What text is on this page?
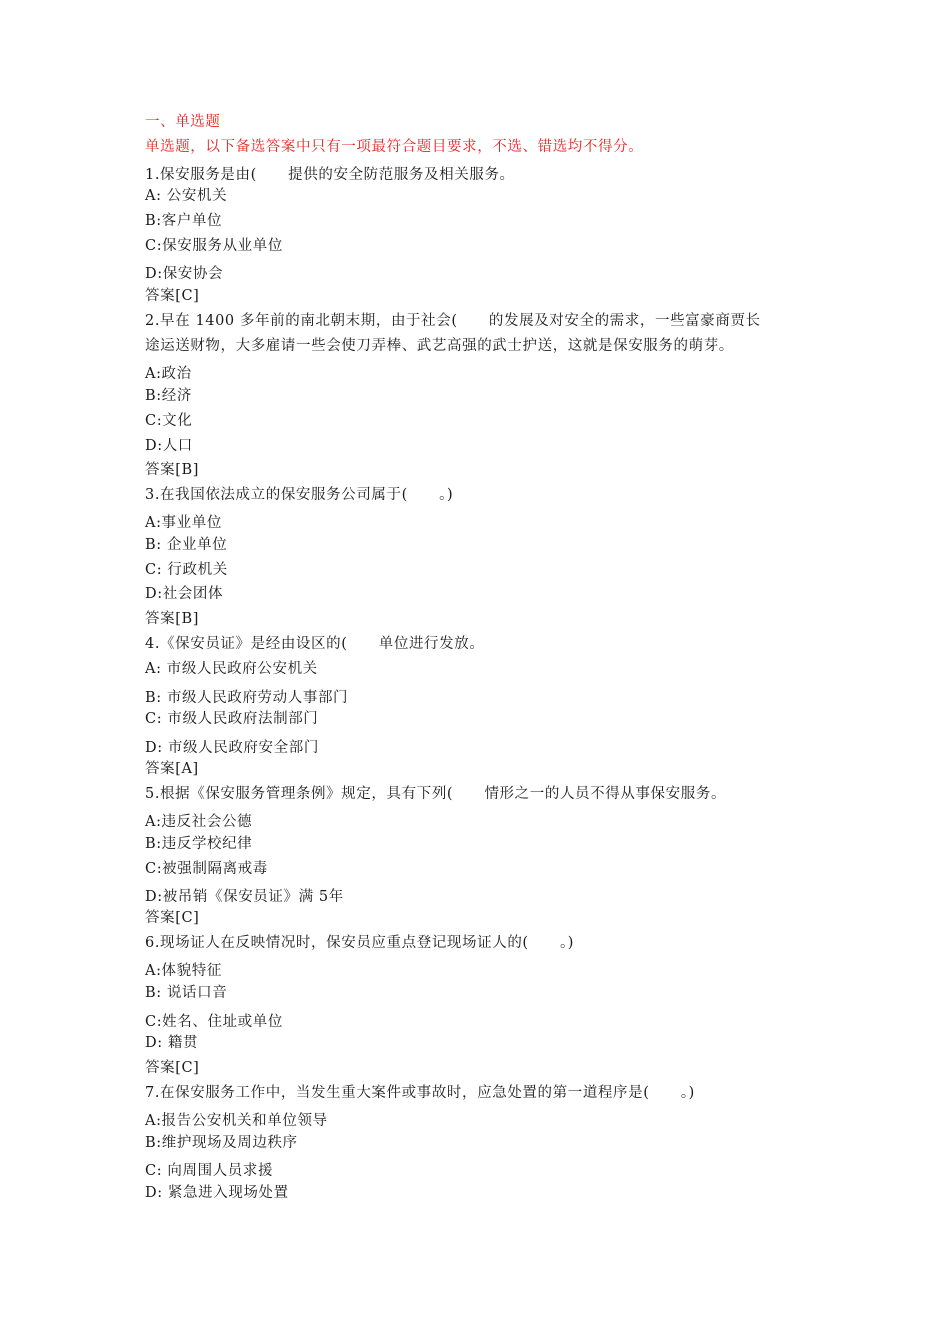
一、单选题
单选题，以下备选答案中只有一项最符合题目要求，不选、错选均不得分。
1.保安服务是由(      提供的安全防范服务及相关服务。
A: 公安机关
B:客户单位
C:保安服务从业单位
D:保安协会
答案[C]
2.早在 1400 多年前的南北朝末期，由于社会(      的发展及对安全的需求，一些富豪商贾长
途运送财物，大多雇请一些会使刀弄棒、武艺高强的武士护送，这就是保安服务的萌芽。
A:政治
B:经济
C:文化
D:人口
答案[B]
3.在我国依法成立的保安服务公司属于(      。)
A:事业单位
B: 企业单位
C: 行政机关
D:社会团体
答案[B]
4.《保安员证》是经由设区的(      单位进行发放。
A: 市级人民政府公安机关
B: 市级人民政府劳动人事部门
C: 市级人民政府法制部门
D: 市级人民政府安全部门
答案[A]
5.根据《保安服务管理条例》规定，具有下列(      情形之一的人员不得从事保安服务。
A:违反社会公德
B:违反学校纪律
C:被强制隔离戒毒
D:被吊销《保安员证》满 5年
答案[C]
6.现场证人在反映情况时，保安员应重点登记现场证人的(      。)
A:体貌特征
B: 说话口音
C:姓名、住址或单位
D: 籍贯
答案[C]
7.在保安服务工作中，当发生重大案件或事故时，应急处置的第一道程序是(      。)
A:报告公安机关和单位领导
B:维护现场及周边秩序
C: 向周围人员求援
D: 紧急进入现场处置
